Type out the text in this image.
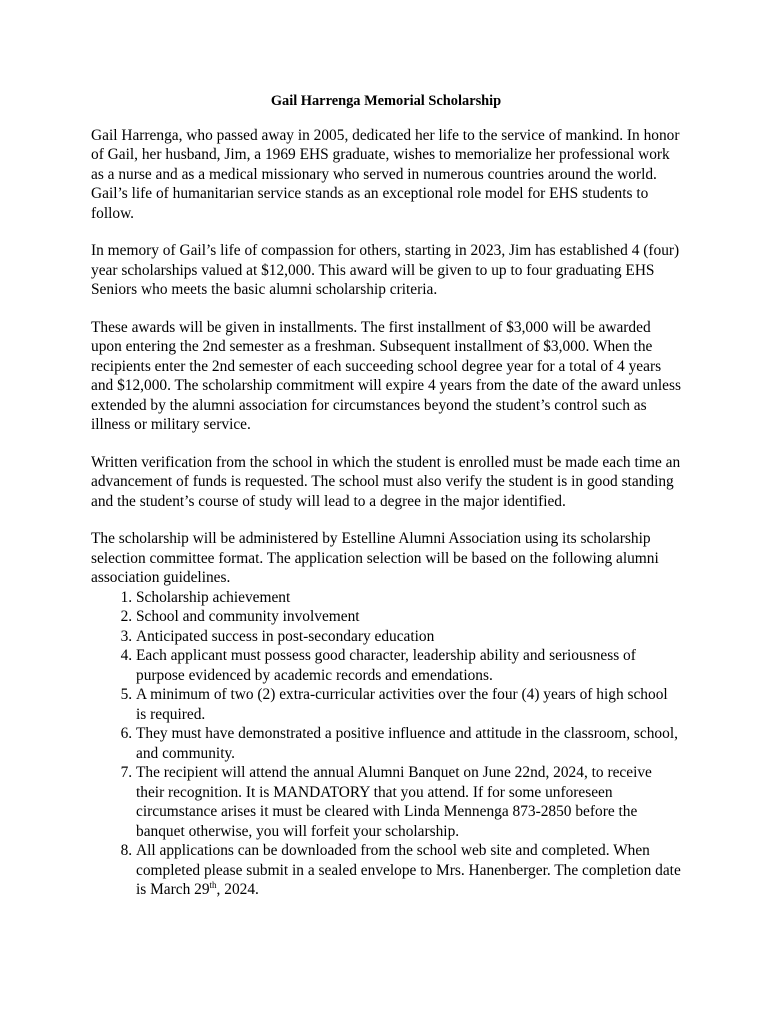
Gail Harrenga Memorial Scholarship

Gail Harrenga, who passed away in 2005, dedicated her life to the service of mankind. In honor of Gail, her husband, Jim, a 1969 EHS graduate, wishes to memorialize her professional work as a nurse and as a medical missionary who served in numerous countries around the world. Gail’s life of humanitarian service stands as an exceptional role model for EHS students to follow.

In memory of Gail’s life of compassion for others, starting in 2023, Jim has established 4 (four) year scholarships valued at $12,000. This award will be given to up to four graduating EHS Seniors who meets the basic alumni scholarship criteria.

These awards will be given in installments. The first installment of $3,000 will be awarded upon entering the 2nd semester as a freshman. Subsequent installment of $3,000. When the recipients enter the 2nd semester of each succeeding school degree year for a total of 4 years and $12,000. The scholarship commitment will expire 4 years from the date of the award unless extended by the alumni association for circumstances beyond the student’s control such as illness or military service.

Written verification from the school in which the student is enrolled must be made each time an advancement of funds is requested. The school must also verify the student is in good standing and the student’s course of study will lead to a degree in the major identified.

The scholarship will be administered by Estelline Alumni Association using its scholarship selection committee format. The application selection will be based on the following alumni association guidelines.

1. Scholarship achievement
2. School and community involvement
3. Anticipated success in post-secondary education
4. Each applicant must possess good character, leadership ability and seriousness of purpose evidenced by academic records and emendations.
5. A minimum of two (2) extra-curricular activities over the four (4) years of high school is required.
6. They must have demonstrated a positive influence and attitude in the classroom, school, and community.
7. The recipient will attend the annual Alumni Banquet on June 22nd, 2024, to receive their recognition. It is MANDATORY that you attend. If for some unforeseen circumstance arises it must be cleared with Linda Mennenga 873-2850 before the banquet otherwise, you will forfeit your scholarship.
8. All applications can be downloaded from the school web site and completed. When completed please submit in a sealed envelope to Mrs. Hanenberger. The completion date is March 29th, 2024.
